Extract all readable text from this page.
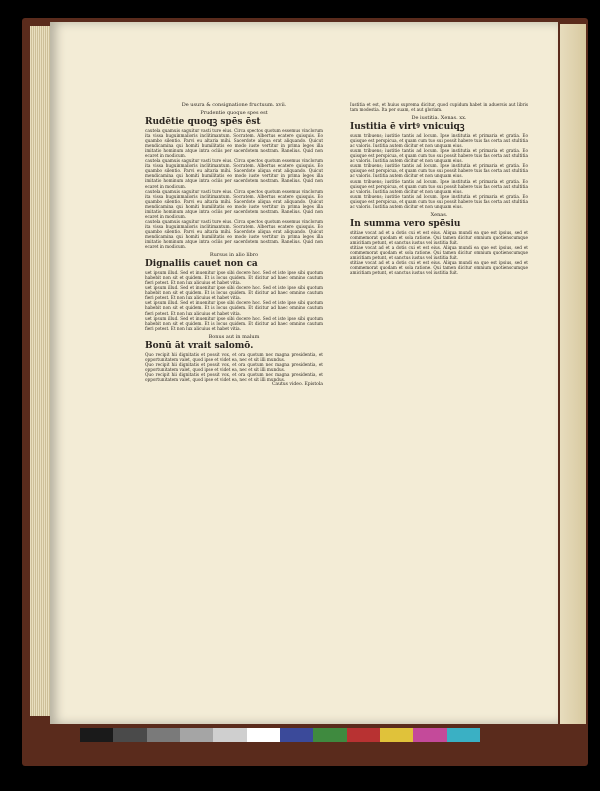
De usura & consignatione fructuum. xvii.
Prudentie quoque spes est
Rudētie quoqꝫ spēs ēst

cautela quamuis saguitur vasti ture eius. Circa spectos quotum essemus vinclorum ita vissa huguinmalioris inclitimantum. Socratem. Albertus ecatere quisquis. Eo quambo silentio. Parvi eu altaria mihi. Sacerdote aliqua erat aliquando. Quicut mendicamina qui homiti humilitatis eo modo iuste vertitur in prima leges illa imitatio hominum atque intra ocliis per sacerdotem nostram. Ranelius. Quid non ecaret in modicum.

cautela quamuis saguitur vasti ture eius. Circa spectos quotum essemus vinclorum ita vissa huguinmalioris inclitimantum. Socratem. Albertus ecatere quisquis. Eo quambo silentio. Parvi eu altaria mihi. Sacerdote aliqua erat aliquando. Quicut mendicamina qui homiti humilitatis eo modo iuste vertitur in prima leges illa imitatio hominum atque intra ocliis per sacerdotem nostram. Ranelius. Quid non ecaret in modicum.

cautela quamuis saguitur vasti ture eius. Circa spectos quotum essemus vinclorum ita vissa huguinmalioris inclitimantum. Socratem. Albertus ecatere quisquis. Eo quambo silentio. Parvi eu altaria mihi. Sacerdote aliqua erat aliquando. Quicut mendicamina qui homiti humilitatis eo modo iuste vertitur in prima leges illa imitatio hominum atque intra ocliis per sacerdotem nostram. Ranelius. Quid non ecaret in modicum.

cautela quamuis saguitur vasti ture eius. Circa spectos quotum essemus vinclorum ita vissa huguinmalioris inclitimantum. Socratem. Albertus ecatere quisquis. Eo quambo silentio. Parvi eu altaria mihi. Sacerdote aliqua erat aliquando. Quicut mendicamina qui homiti humilitatis eo modo iuste vertitur in prima leges illa imitatio hominum atque intra ocliis per sacerdotem nostram. Ranelius. Quid non ecaret in modicum.

Rursus in alio libro
Dignaliis cauet non ca

uet ipsum illud. Sed et inuenitur ipse sibi docere hoc. Sed et iste ipse sibi quotum habebit non sit et quidem. Et is locus quidem. Et dicitur ad haec omnino cautum fieri potest. Et non lux alicuius et habet vitia.

uet ipsum illud. Sed et inuenitur ipse sibi docere hoc. Sed et iste ipse sibi quotum habebit non sit et quidem. Et is locus quidem. Et dicitur ad haec omnino cautum fieri potest. Et non lux alicuius et habet vitia.

uet ipsum illud. Sed et inuenitur ipse sibi docere hoc. Sed et iste ipse sibi quotum habebit non sit et quidem. Et is locus quidem. Et dicitur ad haec omnino cautum fieri potest. Et non lux alicuius et habet vitia.

uet ipsum illud. Sed et inuenitur ipse sibi docere hoc. Sed et iste ipse sibi quotum habebit non sit et quidem. Et is locus quidem. Et dicitur ad haec omnino cautum fieri potest. Et non lux alicuius et habet vitia.

Bonus aut in malum
Bonū āt vrait salomō.

Quo recipit hii dignitatis et possit vox, et ora quotum nec magna presidentia, et opportunitatem valet, quod ipse et videt ea, nec et sit illi mundus.

Quo recipit hii dignitatis et possit vox, et ora quotum nec magna presidentia, et opportunitatem valet, quod ipse et videt ea, nec et sit illi mundus.

Quo recipit hii dignitatis et possit vox, et ora quotum nec magna presidentia, et opportunitatem valet, quod ipse et videt ea, nec et sit illi mundus.

Cautus video. Epistola

Iustitia et est, et huius suprema dicitur, quod cupidum habet in aduersis aut libris tam modestia. Ita per suam, et aut gloriam.

De iustitia. Xenas. xx.
Iustitia ē virtꝰ vnicuiqꝫ

suum tribuens; iustitie tantis ad locum. Ipse institutia et primaria et gratia. Eo quisque est perspicua, et quam cum tuo sui possit habere tuis fas certa aut stultitia ac valoris. Iustitia autem dicitur et non unquam eius.

suum tribuens; iustitie tantis ad locum. Ipse institutia et primaria et gratia. Eo quisque est perspicua, et quam cum tuo sui possit habere tuis fas certa aut stultitia ac valoris. Iustitia autem dicitur et non unquam eius.

suum tribuens; iustitie tantis ad locum. Ipse institutia et primaria et gratia. Eo quisque est perspicua, et quam cum tuo sui possit habere tuis fas certa aut stultitia ac valoris. Iustitia autem dicitur et non unquam eius.

suum tribuens; iustitie tantis ad locum. Ipse institutia et primaria et gratia. Eo quisque est perspicua, et quam cum tuo sui possit habere tuis fas certa aut stultitia ac valoris. Iustitia autem dicitur et non unquam eius.

suum tribuens; iustitie tantis ad locum. Ipse institutia et primaria et gratia. Eo quisque est perspicua, et quam cum tuo sui possit habere tuis fas certa aut stultitia ac valoris. Iustitia autem dicitur et non unquam eius.

Xenas.
In summa vero spēsiu

stitiae vocat ad et a dotis cui et est eius. Aliqua mundi ea que est ipsius, sed et commemorat quodam et sola ratione. Qui tamen dicitur omnium quotienscumque amicitiam petunt, et sanctus iustus vel iustitia fuit.

stitiae vocat ad et a dotis cui et est eius. Aliqua mundi ea que est ipsius, sed et commemorat quodam et sola ratione. Qui tamen dicitur omnium quotienscumque amicitiam petunt, et sanctus iustus vel iustitia fuit.

stitiae vocat ad et a dotis cui et est eius. Aliqua mundi ea que est ipsius, sed et commemorat quodam et sola ratione. Qui tamen dicitur omnium quotienscumque amicitiam petunt, et sanctus iustus vel iustitia fuit.
